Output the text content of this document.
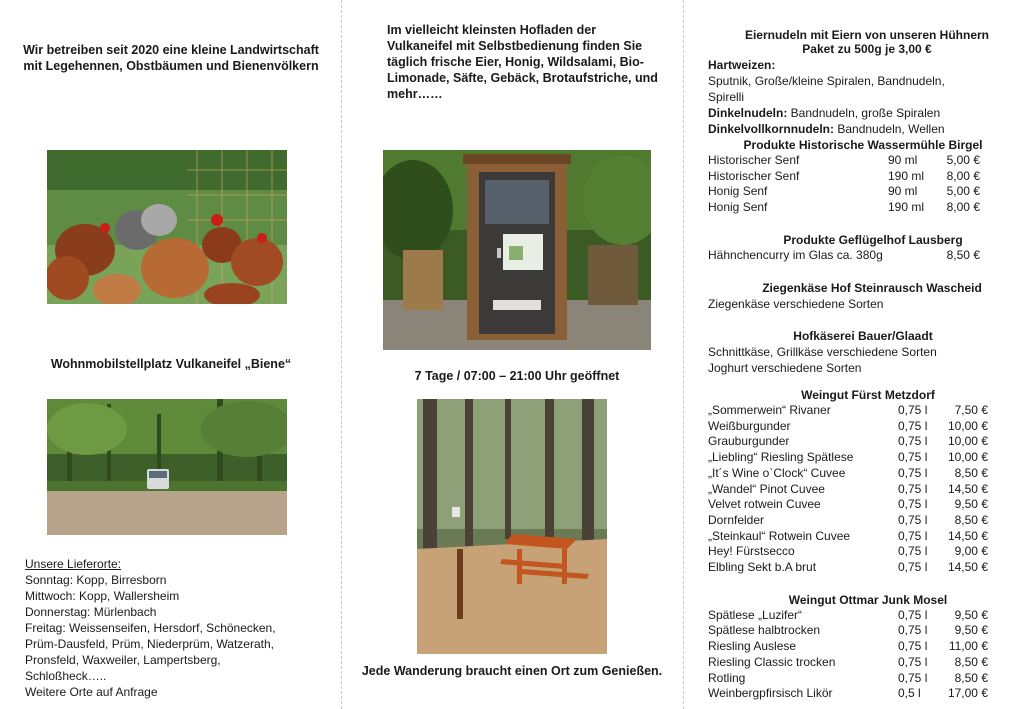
Wir betreiben seit 2020 eine kleine Landwirtschaft mit Legehennen, Obstbäumen und Bienenvölkern
Wohnmobilstellplatz Vulkaneifel „Biene“
Unsere Lieferorte:
Sonntag: Kopp, Birresborn
Mittwoch: Kopp, Wallersheim
Donnerstag: Mürlenbach
Freitag: Weissenseifen, Hersdorf, Schönecken,
Prüm-Dausfeld, Prüm, Niederprüm, Watzerath,
Pronsfeld, Waxweiler, Lampertsberg,
Schloßheck…..
Weitere Orte auf Anfrage
Im vielleicht kleinsten Hofladen der Vulkaneifel mit Selbstbedienung finden Sie täglich frische Eier, Honig, Wildsalami, Bio-Limonade, Säfte, Gebäck, Brotaufstriche, und mehr……
7 Tage / 07:00 – 21:00 Uhr geöffnet
Jede Wanderung braucht einen Ort zum Genießen.
Eiernudeln mit Eiern von unseren Hühnern
Paket zu 500g je 3,00 €
Hartweizen:
Sputnik, Große/kleine Spiralen, Bandnudeln, Spirelli
Dinkelnudeln: Bandnudeln, große Spiralen
Dinkelvollkornnudeln: Bandnudeln, Wellen
Produkte Historische Wassermühle Birgel
Historischer Senf	90 ml	5,00 €
Historischer Senf	190 ml	8,00 €
Honig Senf	90 ml	5,00 €
Honig Senf	190 ml	8,00 €
Produkte Geflügelhof Lausberg
Hähnchencurry im Glas ca. 380g	8,50 €
Ziegenkäse Hof Steinrausch Wascheid
Ziegenkäse verschiedene Sorten
Hofkäserei Bauer/Glaadt
Schnittkäse, Grillkäse verschiedene Sorten
Joghurt verschiedene Sorten
Weingut Fürst Metzdorf
„Sommerwein“ Rivaner	0,75 l	7,50 €
Weißburgunder	0,75 l	10,00 €
Grauburgunder	0,75 l	10,00 €
„Liebling“ Riesling Spätlese	0,75 l	10,00 €
„It´s Wine o`Clock“ Cuvee	0,75 l	8,50 €
„Wandel“ Pinot Cuvee	0,75 l	14,50 €
Velvet rotwein Cuvee	0,75 l	9,50 €
Dornfelder	0,75 l	8,50 €
„Steinkaul“ Rotwein Cuvee	0,75 l	14,50 €
Hey! Fürstsecco	0,75 l	9,00 €
Elbling Sekt b.A brut	0,75 l	14,50 €
Weingut Ottmar Junk Mosel
Spätlese „Luzifer“	0,75 l	9,50 €
Spätlese halbtrocken	0,75 l	9,50 €
Riesling Auslese	0,75 l	11,00 €
Riesling Classic trocken	0,75 l	8,50 €
Rotling	0,75 l	8,50 €
Weinbergpfirsisch Likör	0,5 l	17,00 €
